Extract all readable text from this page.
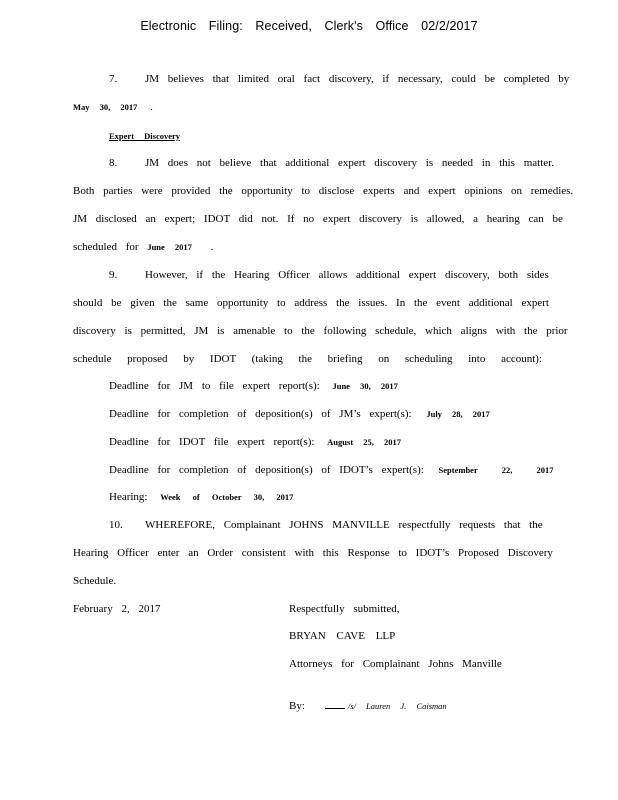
Electronic Filing: Received, Clerk's Office 02/2/2017
7.	JM believes that limited oral fact discovery, if necessary, could be completed by
May 30, 2017 .
Expert Discovery
8.	JM does not believe that additional expert discovery is needed in this matter.
Both parties were provided the opportunity to disclose experts and expert opinions on remedies.
JM disclosed an expert; IDOT did not. If no expert discovery is allowed, a hearing can be
scheduled for June 2017 .
9.	However, if the Hearing Officer allows additional expert discovery, both sides
should be given the same opportunity to address the issues. In the event additional expert
discovery is permitted, JM is amenable to the following schedule, which aligns with the prior
schedule proposed by IDOT (taking the briefing on scheduling into account):
Deadline for JM to file expert report(s): June 30, 2017
Deadline for completion of deposition(s) of JM’s expert(s): July 28, 2017
Deadline for IDOT file expert report(s): August 25, 2017
Deadline for completion of deposition(s) of IDOT’s expert(s): September 22, 2017
Hearing: Week of October 30, 2017
10. WHEREFORE, Complainant JOHNS MANVILLE respectfully requests that the
Hearing Officer enter an Order consistent with this Response to IDOT’s Proposed Discovery
Schedule.
February 2, 2017	Respectfully submitted,
BRYAN CAVE LLP
Attorneys for Complainant Johns Manville
By:	/s/ Lauren J. Caisman
